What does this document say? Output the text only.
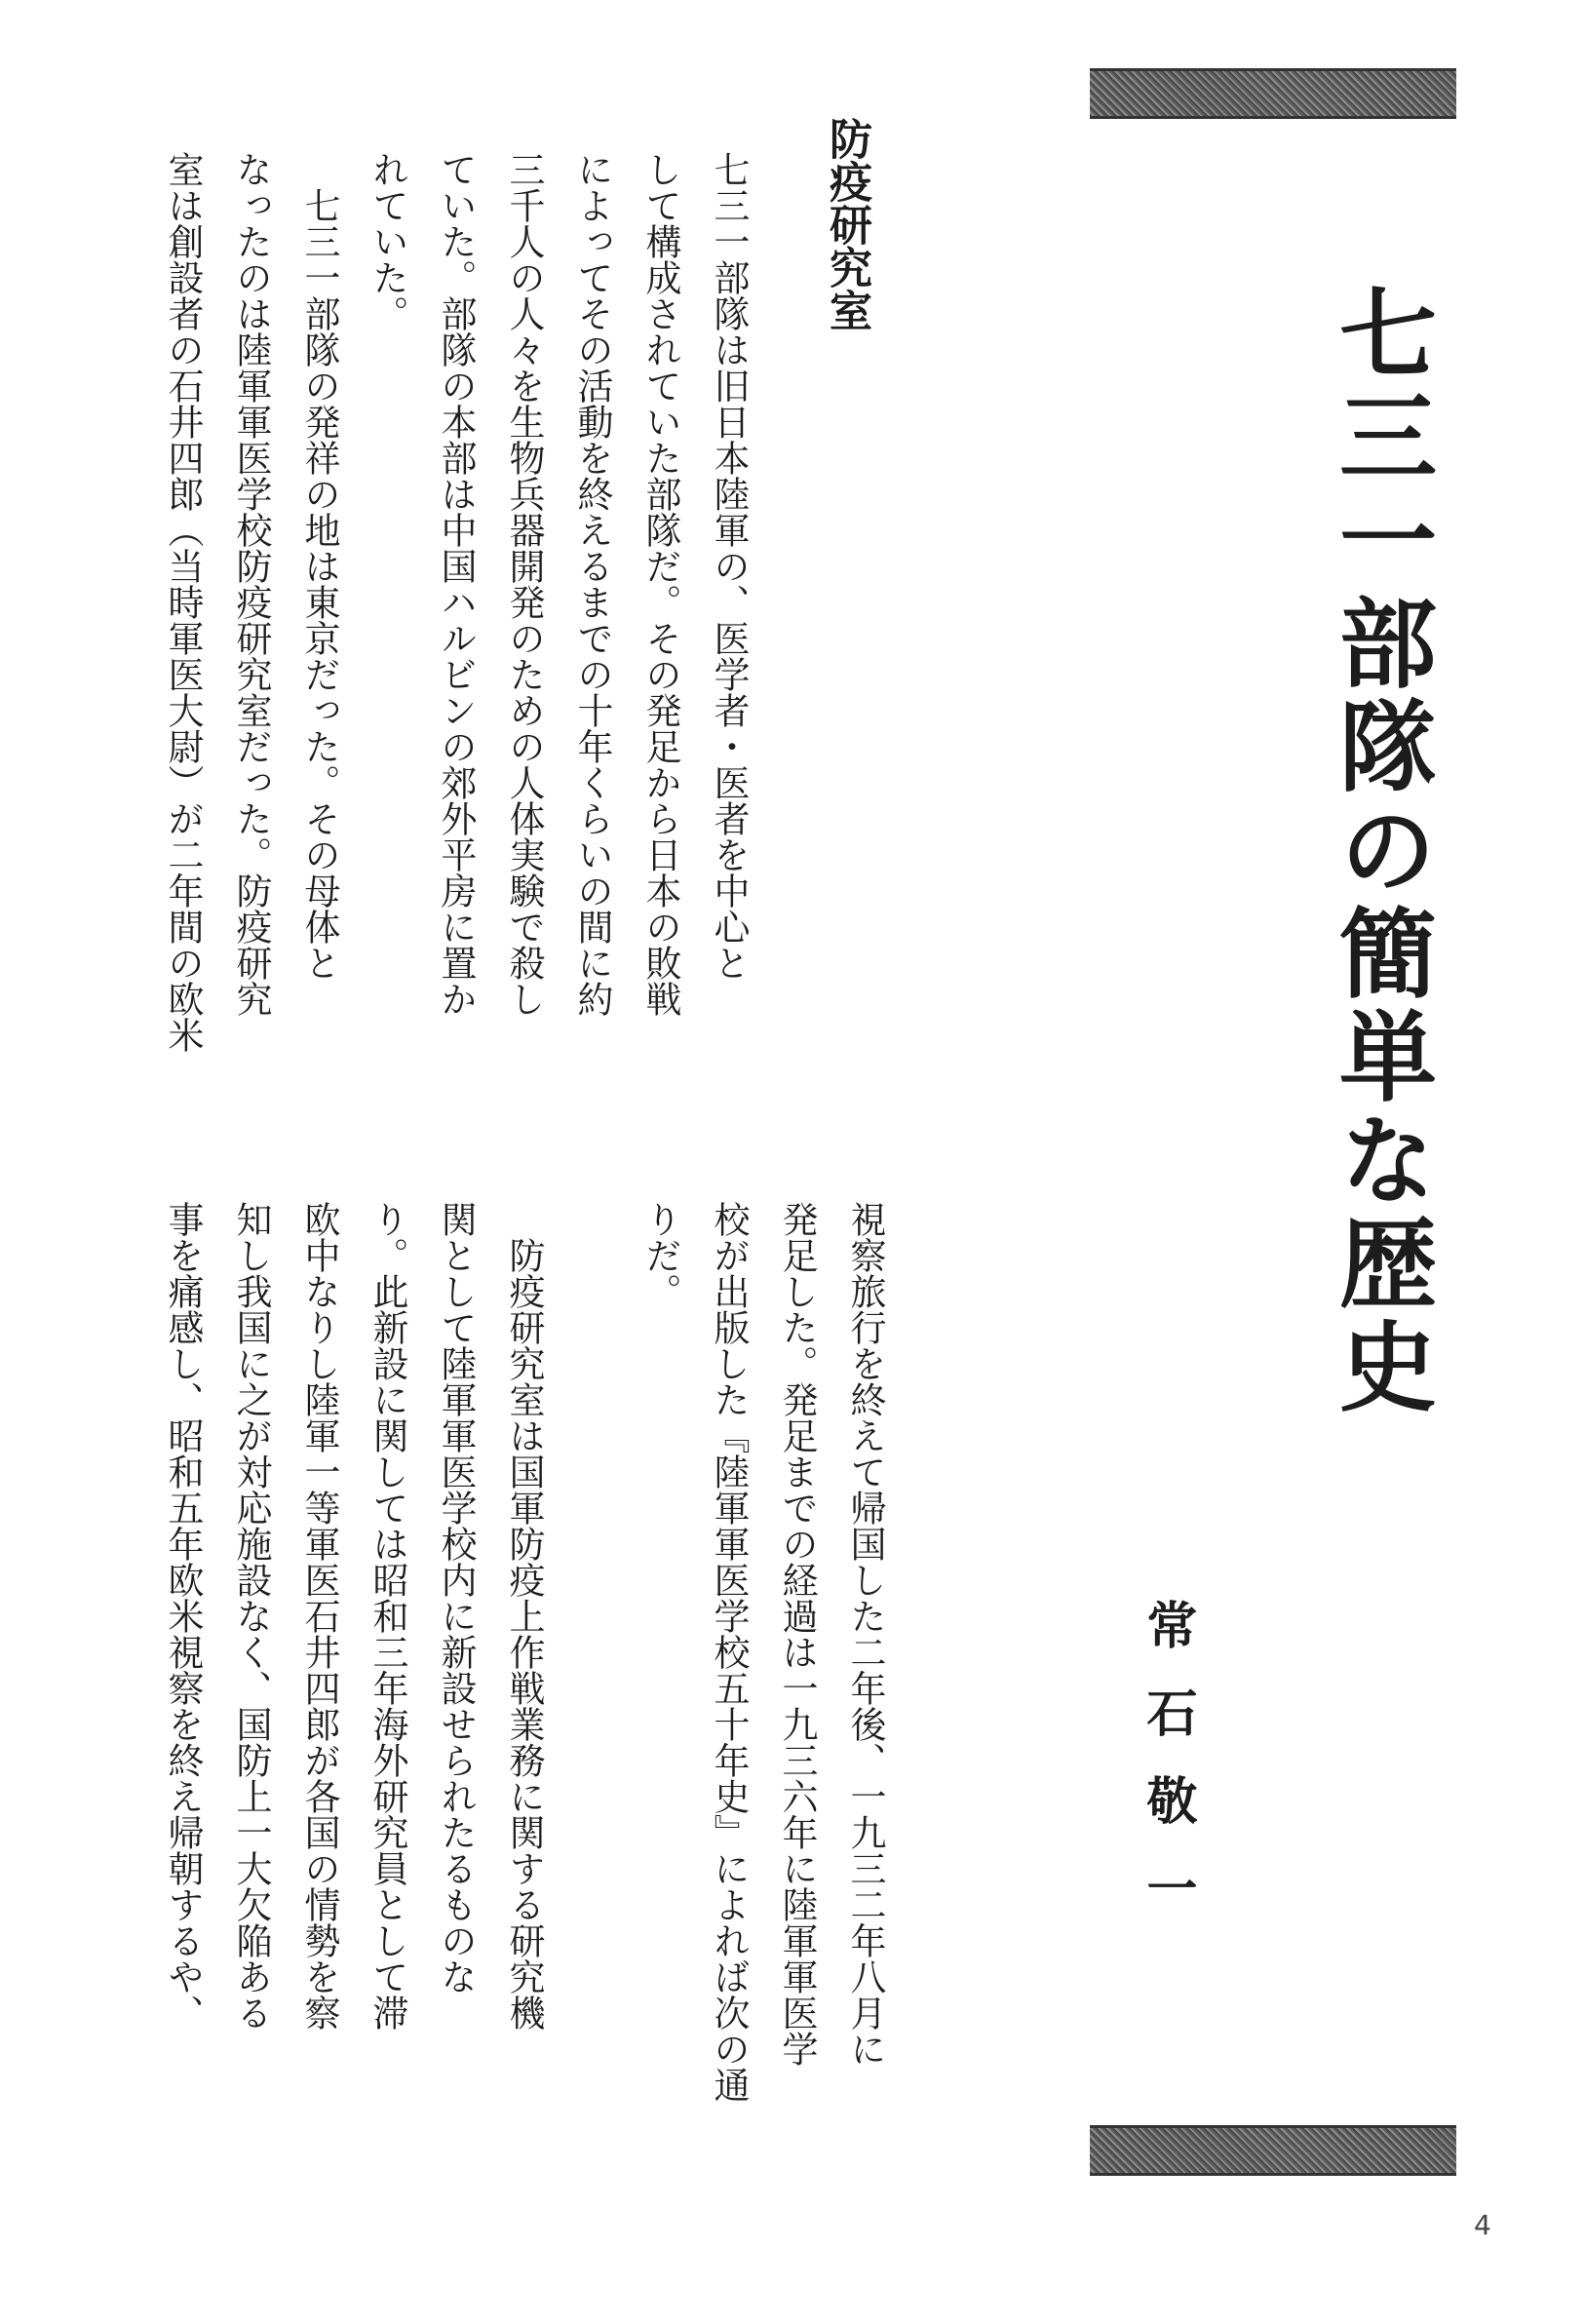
七三一部隊の簡単な歴史
常石敬一
防疫研究室
七三一部隊は旧日本陸軍の、医学者・医者を中心と
して構成されていた部隊だ。その発足から日本の敗戦
によってその活動を終えるまでの十年くらいの間に約
三千人の人々を生物兵器開発のための人体実験で殺し
ていた。部隊の本部は中国ハルビンの郊外平房に置か
れていた。
　七三一部隊の発祥の地は東京だった。その母体と
なったのは陸軍軍医学校防疫研究室だった。防疫研究
室は創設者の石井四郎（当時軍医大尉）が二年間の欧米
視察旅行を終えて帰国した二年後、一九三二年八月に
発足した。発足までの経過は一九三六年に陸軍軍医学
校が出版した『陸軍軍医学校五十年史』によれば次の通
りだ。

　防疫研究室は国軍防疫上作戦業務に関する研究機
関として陸軍軍医学校内に新設せられたるものな
り。此新設に関しては昭和三年海外研究員として滞
欧中なりし陸軍一等軍医石井四郎が各国の情勢を察
知し我国に之が対応施設なく、国防上一大欠陥ある
事を痛感し、昭和五年欧米視察を終え帰朝するや、
4
